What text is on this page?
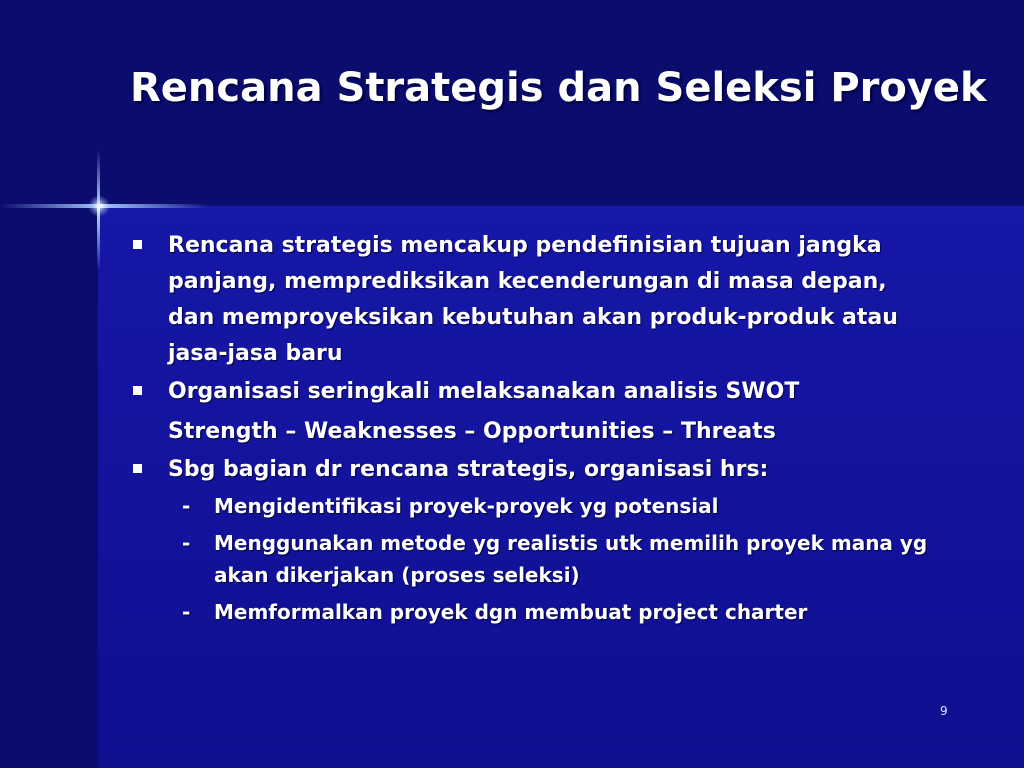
Rencana Strategis dan Seleksi Proyek
Rencana strategis mencakup pendefinisian tujuan jangka panjang, memprediksikan kecenderungan di masa depan, dan memproyeksikan kebutuhan akan produk-produk atau jasa-jasa baru
Organisasi seringkali melaksanakan analisis SWOT
Strength – Weaknesses – Opportunities – Threats
Sbg bagian dr rencana strategis, organisasi hrs:
- Mengidentifikasi proyek-proyek yg potensial
- Menggunakan metode yg realistis utk memilih proyek mana yg akan dikerjakan (proses seleksi)
- Memformalkan proyek dgn membuat project charter
9
